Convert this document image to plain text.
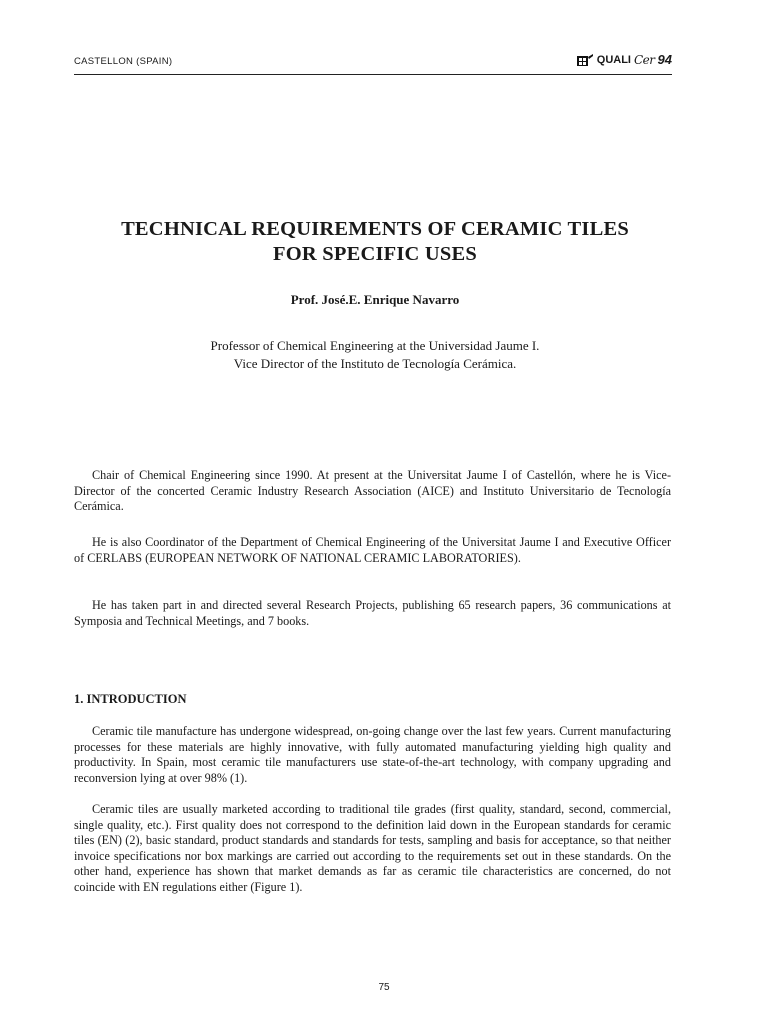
CASTELLON (SPAIN)	QUALI Cer 94
TECHNICAL REQUIREMENTS OF CERAMIC TILES
FOR SPECIFIC USES
Prof. José.E. Enrique Navarro
Professor of Chemical Engineering at the Universidad Jaume I.
Vice Director of the Instituto de Tecnología Cerámica.

Chair of Chemical Engineering since 1990. At present at the Universitat Jaume I of Castellón, where he is Vice-Director of the concerted Ceramic Industry Research Association (AICE) and Instituto Universitario de Tecnología Cerámica.

He is also Coordinator of the Department of Chemical Engineering of the Universitat Jaume I and Executive Officer of CERLABS (EUROPEAN NETWORK OF NATIONAL CERAMIC LABORATORIES).

He has taken part in and directed several Research Projects, publishing 65 research papers, 36 communications at Symposia and Technical Meetings, and 7 books.

1. INTRODUCTION

Ceramic tile manufacture has undergone widespread, on-going change over the last few years. Current manufacturing processes for these materials are highly innovative, with fully automated manufacturing yielding high quality and productivity. In Spain, most ceramic tile manufacturers use state-of-the-art technology, with company upgrading and reconversion lying at over 98% (1).

Ceramic tiles are usually marketed according to traditional tile grades (first quality, standard, second, commercial, single quality, etc.). First quality does not correspond to the definition laid down in the European standards for ceramic tiles (EN) (2), basic standard, product standards and standards for tests, sampling and basis for acceptance, so that neither invoice specifications nor box markings are carried out according to the requirements set out in these standards. On the other hand, experience has shown that market demands as far as ceramic tile characteristics are concerned, do not coincide with EN regulations either (Figure 1).

75
